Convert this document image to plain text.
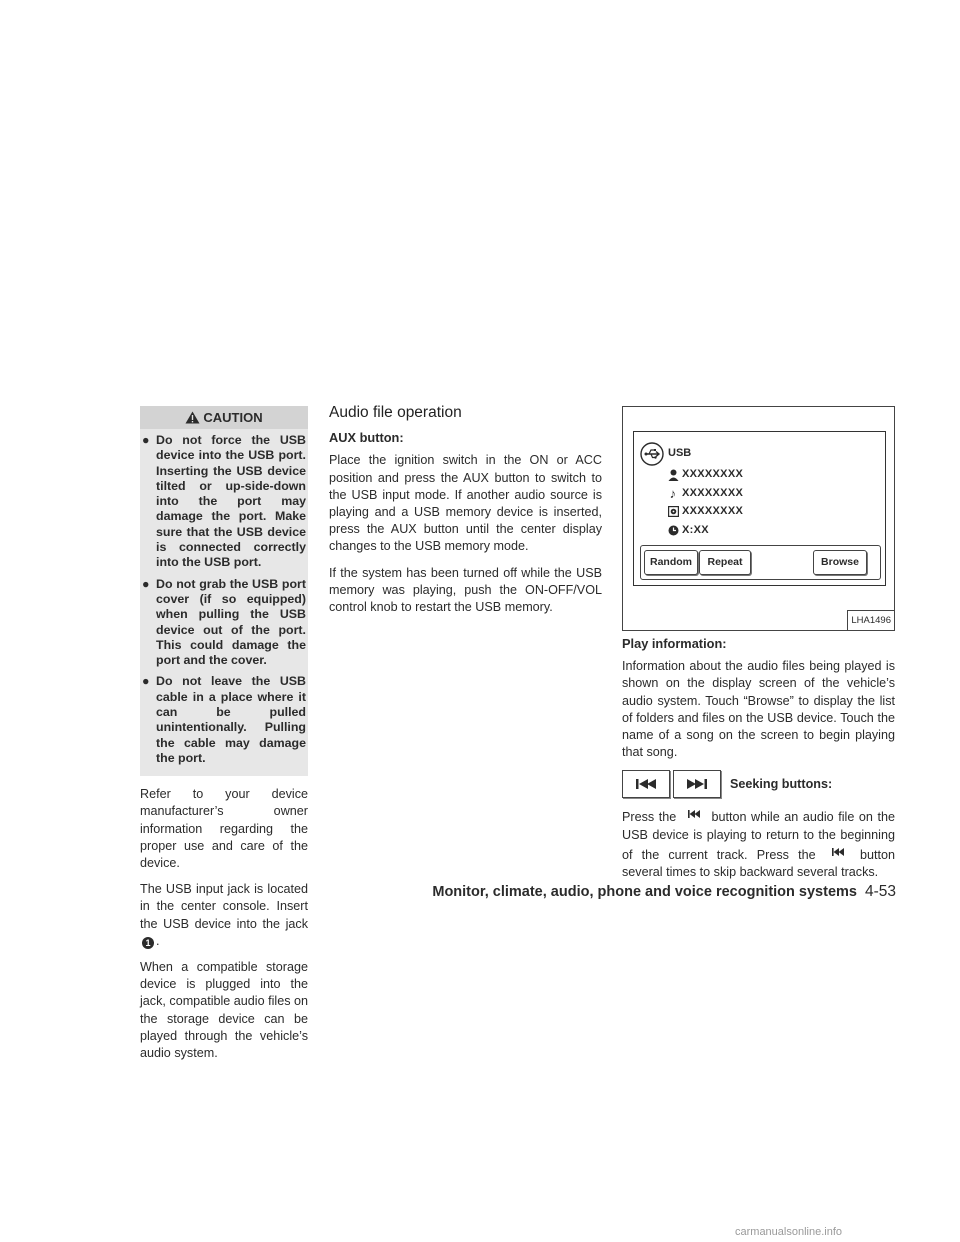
CAUTION
● Do not force the USB device into the USB port. Inserting the USB device tilted or up-side-down into the port may damage the port. Make sure that the USB device is connected correctly into the USB port.
● Do not grab the USB port cover (if so equipped) when pulling the USB device out of the port. This could damage the port and the cover.
● Do not leave the USB cable in a place where it can be pulled unintentionally. Pulling the cable may damage the port.

Refer to your device manufacturer’s owner information regarding the proper use and care of the device.

The USB input jack is located in the center console. Insert the USB device into the jack1 .

When a compatible storage device is plugged into the jack, compatible audio files on the storage device can be played through the vehicle’s audio system.

Audio file operation
AUX button:

Place the ignition switch in the ON or ACC position and press the AUX button to switch to the USB input mode. If another audio source is playing and a USB memory device is inserted, press the AUX button until the center display changes to the USB memory mode.

If the system has been turned off while the USB memory was playing, push the ON-OFF/VOL control knob to restart the USB memory.

USB
XXXXXXXX
♪ XXXXXXXX
XXXXXXXX
X:XX
Random	Repeat	Browse
LHA1496
Play information:

Information about the audio files being played is shown on the display screen of the vehicle’s audio system. Touch “Browse” to display the list of folders and files on the USB device. Touch the name of a song on the screen to begin playing that song.

Seeking buttons:

Press the	button while an audio file on the USB device is playing to return to the beginning of the current track. Press the	button several times to skip backward several tracks.

Monitor, climate, audio, phone and voice recognition systems 4-53
carmanualsonline.info
